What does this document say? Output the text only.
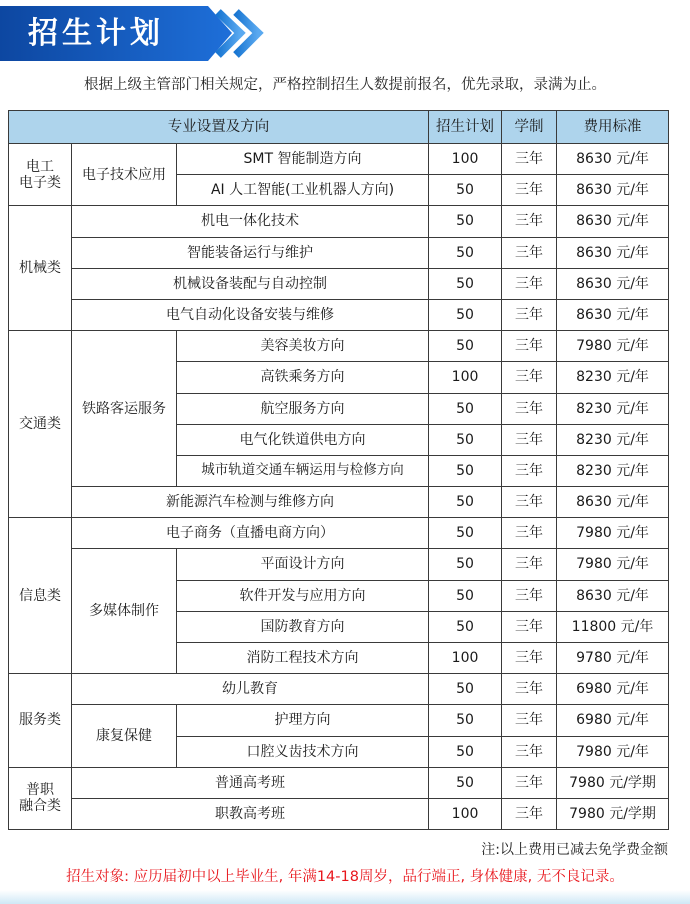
招生计划
根据上级主管部门相关规定，严格控制招生人数提前报名，优先录取，录满为止。
专业设置及方向			招生计划	学制	费用标准
电工
电子类	电子技术应用	SMT 智能制造方向	100	三年	8630 元/年
		AI 人工智能(工业机器人方向)	50	三年	8630 元/年
机械类	机电一体化技术		50	三年	8630 元/年
	智能装备运行与维护		50	三年	8630 元/年
	机械设备装配与自动控制		50	三年	8630 元/年
	电气自动化设备安装与维修		50	三年	8630 元/年
交通类	铁路客运服务	美容美妆方向	50	三年	7980 元/年
		高铁乘务方向	100	三年	8230 元/年
		航空服务方向	50	三年	8230 元/年
		电气化铁道供电方向	50	三年	8230 元/年
		城市轨道交通车辆运用与检修方向	50	三年	8230 元/年
	新能源汽车检测与维修方向		50	三年	8630 元/年
信息类	电子商务（直播电商方向）		50	三年	7980 元/年
	多媒体制作	平面设计方向	50	三年	7980 元/年
		软件开发与应用方向	50	三年	8630 元/年
		国防教育方向	50	三年	11800 元/年
		消防工程技术方向	100	三年	9780 元/年
服务类	幼儿教育		50	三年	6980 元/年
	康复保健	护理方向	50	三年	6980 元/年
		口腔义齿技术方向	50	三年	7980 元/年
普职
融合类	普通高考班		50	三年	7980 元/学期
	职教高考班		100	三年	7980 元/学期
注:以上费用已减去免学费金额
招生对象: 应历届初中以上毕业生, 年满14-18周岁，品行端正, 身体健康, 无不良记录。
